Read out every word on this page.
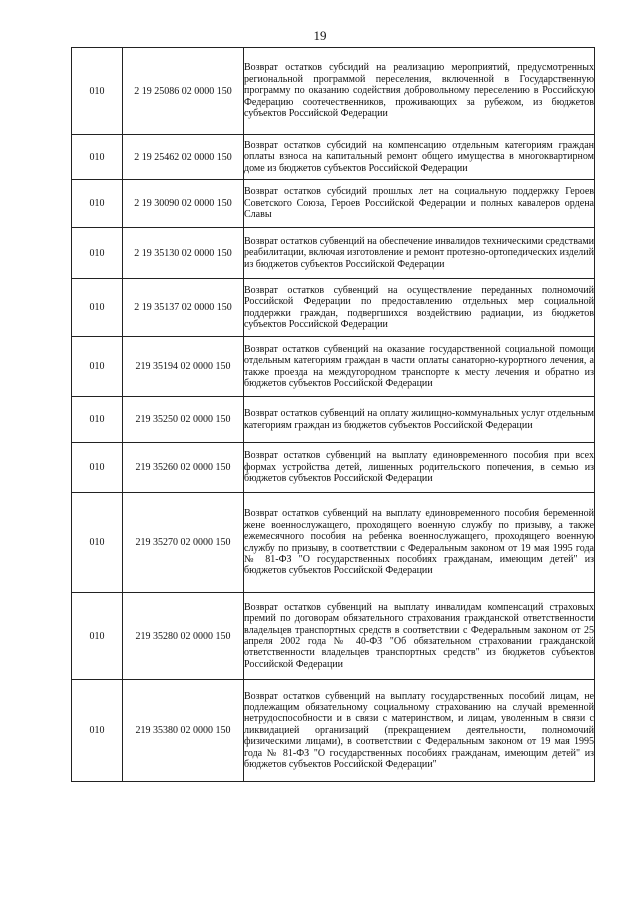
19
010	2 19 25086 02 0000 150	Возврат остатков субсидий на реализацию мероприятий, предусмотренных региональной программой переселения, включенной в Государственную программу по оказанию содействия добровольному переселению в Российскую Федерацию соотечественников, проживающих за рубежом, из бюджетов субъектов Российской Федерации
010	2 19 25462 02 0000 150	Возврат остатков субсидий на компенсацию отдельным категориям граждан оплаты взноса на капитальный ремонт общего имущества в многоквартирном доме из бюджетов субъектов Российской Федерации
010	2 19 30090 02 0000 150	Возврат остатков субсидий прошлых лет на социальную поддержку Героев Советского Союза, Героев Российской Федерации и полных кавалеров ордена Славы
010	2 19 35130 02 0000 150	Возврат остатков субвенций на обеспечение инвалидов техническими средствами реабилитации, включая изготовление и ремонт протезно-ортопедических изделий из бюджетов субъектов Российской Федерации
010	2 19 35137 02 0000 150	Возврат остатков субвенций на осуществление переданных полномочий Российской Федерации по предоставлению отдельных мер социальной поддержки граждан, подвергшихся воздействию радиации, из бюджетов субъектов Российской Федерации
010	219 35194 02 0000 150	Возврат остатков субвенций на оказание государственной социальной помощи отдельным категориям граждан в части оплаты санаторно-курортного лечения, а также проезда на междугородном транспорте к месту лечения и обратно из бюджетов субъектов Российской Федерации
010	219 35250 02 0000 150	Возврат остатков субвенций на оплату жилищно-коммунальных услуг отдельным категориям граждан из бюджетов субъектов Российской Федерации
010	219 35260 02 0000 150	Возврат остатков субвенций на выплату единовременного пособия при всех формах устройства детей, лишенных родительского попечения, в семью из бюджетов субъектов Российской Федерации
010	219 35270 02 0000 150	Возврат остатков субвенций на выплату единовременного пособия беременной жене военнослужащего, проходящего военную службу по призыву, а также ежемесячного пособия на ребенка военнослужащего, проходящего военную службу по призыву, в соответствии с Федеральным законом от 19 мая 1995 года № 81-ФЗ "О государственных пособиях гражданам, имеющим детей" из бюджетов субъектов Российской Федерации
010	219 35280 02 0000 150	Возврат остатков субвенций на выплату инвалидам компенсаций страховых премий по договорам обязательного страхования гражданской ответственности владельцев транспортных средств в соответствии с Федеральным законом от 25 апреля 2002 года № 40-ФЗ "Об обязательном страховании гражданской ответственности владельцев транспортных средств" из бюджетов субъектов Российской Федерации
010	219 35380 02 0000 150	Возврат остатков субвенций на выплату государственных пособий лицам, не подлежащим обязательному социальному страхованию на случай временной нетрудоспособности и в связи с материнством, и лицам, уволенным в связи с ликвидацией организаций (прекращением деятельности, полномочий физическими лицами), в соответствии с Федеральным законом от 19 мая 1995 года № 81-ФЗ "О государственных пособиях гражданам, имеющим детей" из бюджетов субъектов Российской Федерации"
